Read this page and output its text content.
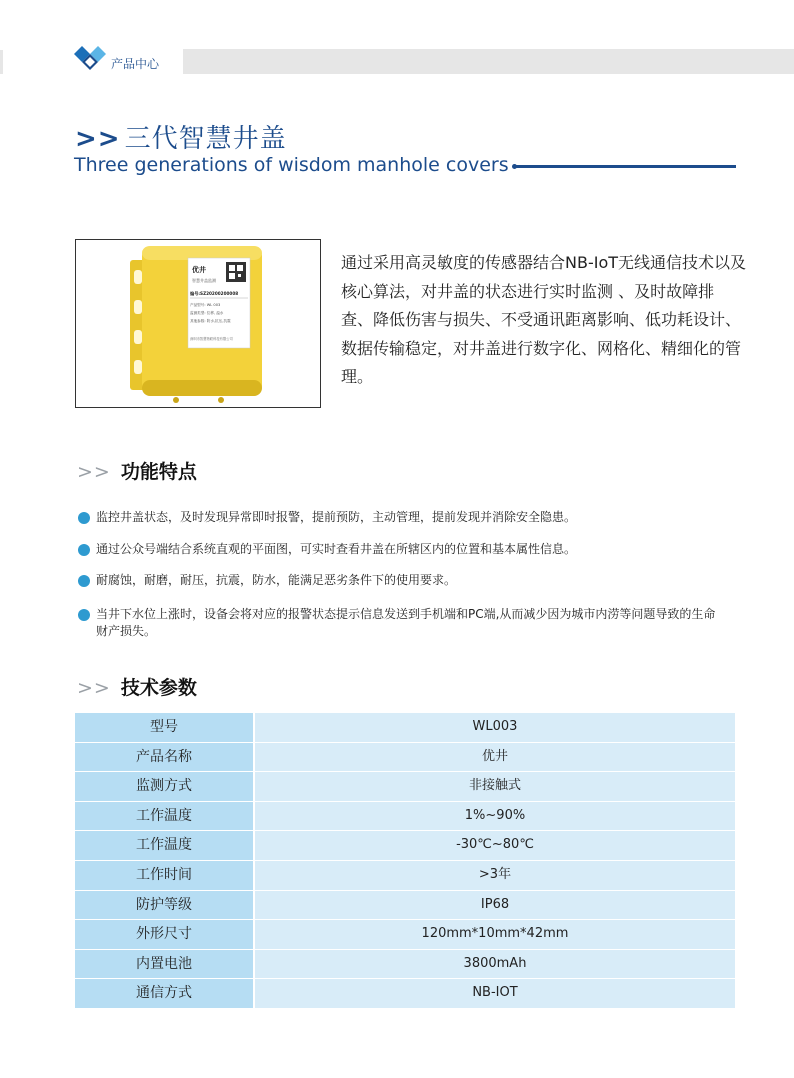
产品中心
>> 三代智慧井盖
Three generations of wisdom manhole covers
优井
智慧井盖监测
编号:SZ20200200008
产品型号: WL 003
监测类型: 位移, 溢水
其他参数: 防水,抗压,抗震
深圳市智慧物联科技有限公司
通过采用高灵敏度的传感器结合NB-IoT无线通信技术以及核心算法，对井盖的状态进行实时监测 、及时故障排查、降低伤害与损失、不受通讯距离影响、低功耗设计、数据传输稳定，对井盖进行数字化、网格化、精细化的管理。
>> 功能特点
监控井盖状态，及时发现异常即时报警，提前预防，主动管理，提前发现并消除安全隐患。
通过公众号端结合系统直观的平面图，可实时查看井盖在所辖区内的位置和基本属性信息。
耐腐蚀，耐磨，耐压，抗震，防水，能满足恶劣条件下的使用要求。
当井下水位上涨时，设备会将对应的报警状态提示信息发送到手机端和PC端,从而减少因为城市内涝等问题导致的生命财产损失。
>> 技术参数
型号	WL003
产品名称	优井
监测方式	非接触式
工作温度	1%~90%
工作温度	-30℃~80℃
工作时间	>3年
防护等级	IP68
外形尺寸	120mm*10mm*42mm
内置电池	3800mAh
通信方式	NB-IOT
